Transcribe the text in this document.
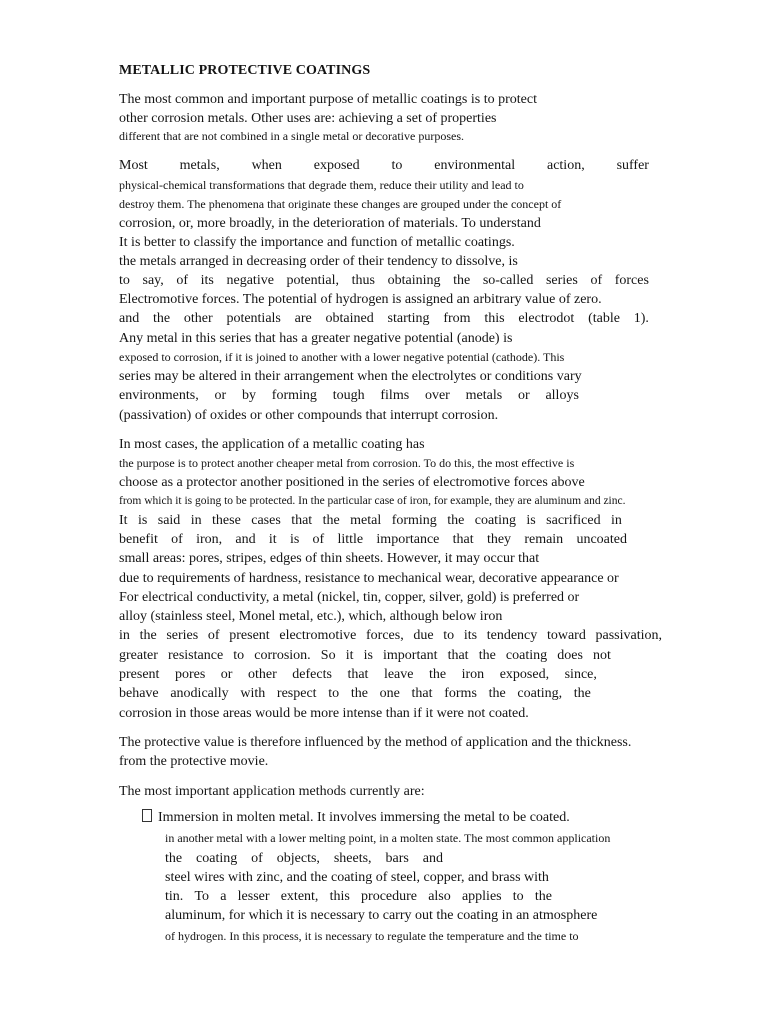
METALLIC PROTECTIVE COATINGS
The most common and important purpose of metallic coatings is to protect
other corrosion metals. Other uses are: achieving a set of properties
different that are not combined in a single metal or decorative purposes.
Most metals, when exposed to environmental action, suffer
physical-chemical transformations that degrade them, reduce their utility and lead to
destroy them. The phenomena that originate these changes are grouped under the concept of
corrosion, or, more broadly, in the deterioration of materials. To understand
It is better to classify the importance and function of metallic coatings.
the metals arranged in decreasing order of their tendency to dissolve, is
to say, of its negative potential, thus obtaining the so-called series of forces
Electromotive forces. The potential of hydrogen is assigned an arbitrary value of zero.
and the other potentials are obtained starting from this electrodot (table 1).
Any metal in this series that has a greater negative potential (anode) is
exposed to corrosion, if it is joined to another with a lower negative potential (cathode). This
series may be altered in their arrangement when the electrolytes or conditions vary
environments, or by forming tough films over metals or alloys
(passivation) of oxides or other compounds that interrupt corrosion.
In most cases, the application of a metallic coating has
the purpose is to protect another cheaper metal from corrosion. To do this, the most effective is
choose as a protector another positioned in the series of electromotive forces above
from which it is going to be protected. In the particular case of iron, for example, they are aluminum and zinc.
It is said in these cases that the metal forming the coating is sacrificed in
benefit of iron, and it is of little importance that they remain uncoated
small areas: pores, stripes, edges of thin sheets. However, it may occur that
due to requirements of hardness, resistance to mechanical wear, decorative appearance or
For electrical conductivity, a metal (nickel, tin, copper, silver, gold) is preferred or
alloy (stainless steel, Monel metal, etc.), which, although below iron
in the series of present electromotive forces, due to its tendency toward passivation,
greater resistance to corrosion. So it is important that the coating does not
present pores or other defects that leave the iron exposed, since,
behave anodically with respect to the one that forms the coating, the
corrosion in those areas would be more intense than if it were not coated.
The protective value is therefore influenced by the method of application and the thickness.
from the protective movie.
The most important application methods currently are:
Immersion in molten metal. It involves immersing the metal to be coated.
in another metal with a lower melting point, in a molten state. The most common application
the coating of objects, sheets, bars and
steel wires with zinc, and the coating of steel, copper, and brass with
tin. To a lesser extent, this procedure also applies to the
aluminum, for which it is necessary to carry out the coating in an atmosphere
of hydrogen. In this process, it is necessary to regulate the temperature and the time to
